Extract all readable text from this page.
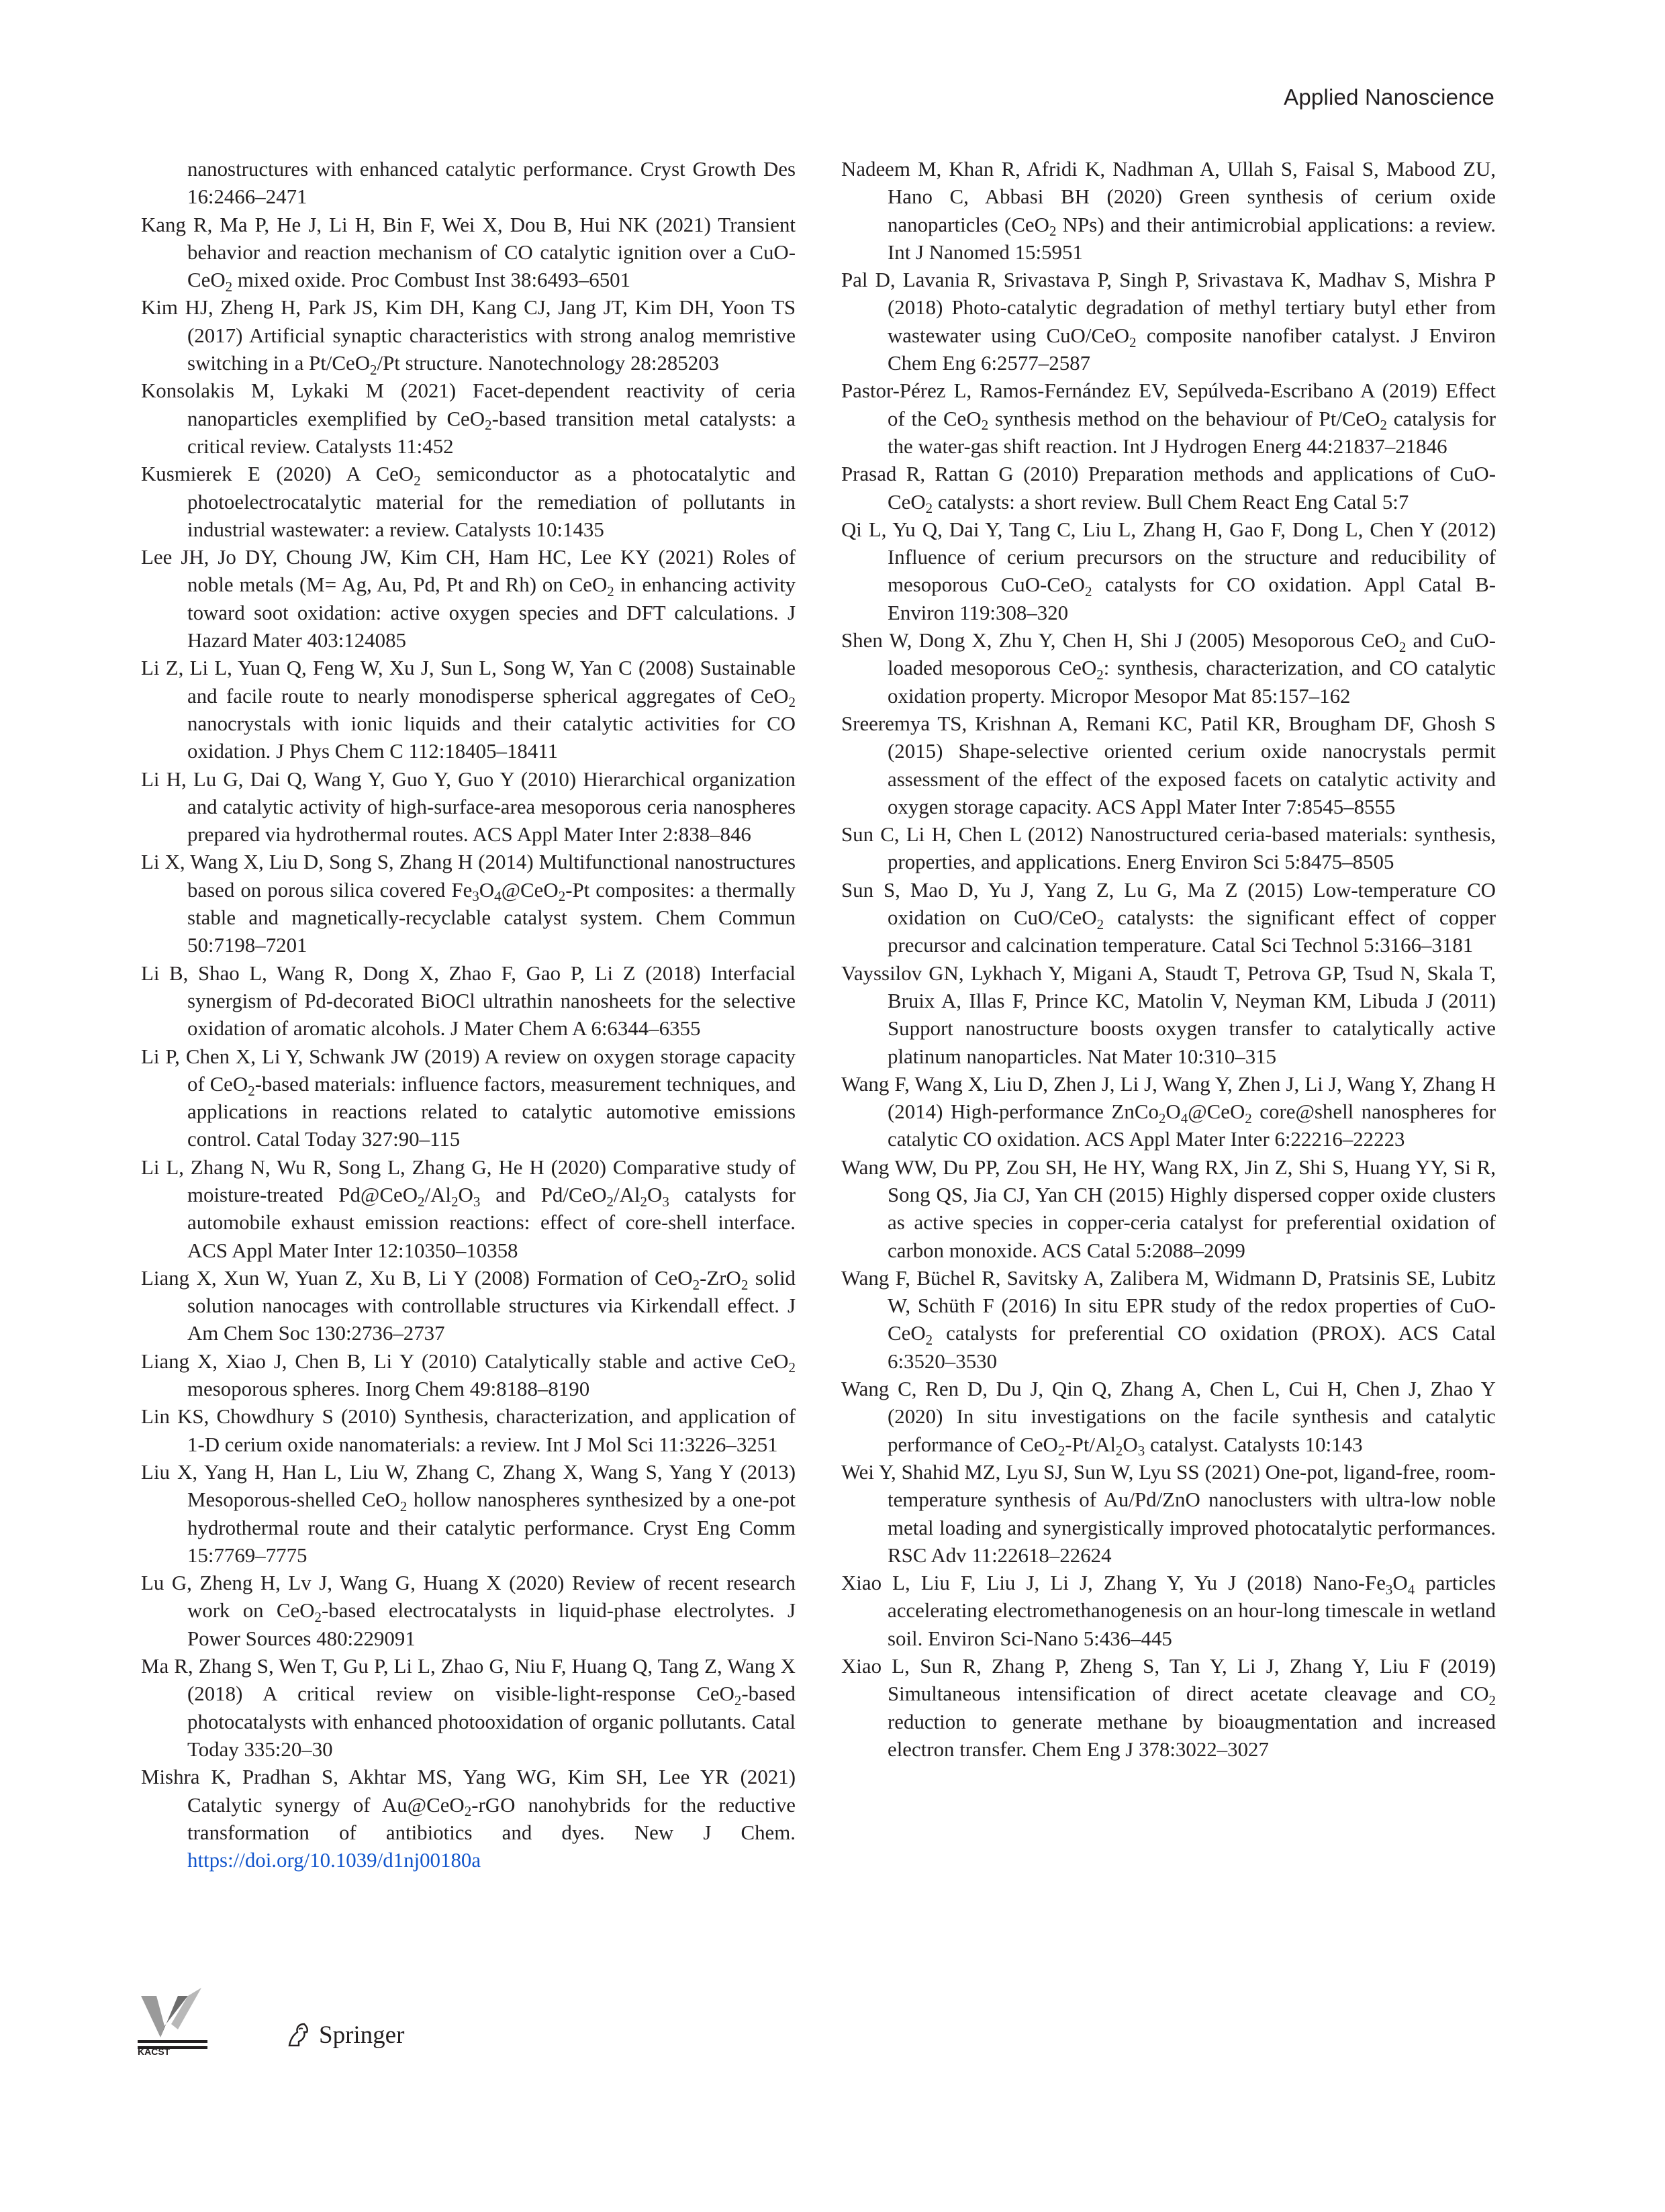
Applied Nanoscience

nanostructures with enhanced catalytic performance. Cryst Growth Des 16:2466–2471

Kang R, Ma P, He J, Li H, Bin F, Wei X, Dou B, Hui NK (2021) Transient behavior and reaction mechanism of CO catalytic ignition over a CuO-CeO$_2$ mixed oxide. Proc Combust Inst 38:6493–6501

Kim HJ, Zheng H, Park JS, Kim DH, Kang CJ, Jang JT, Kim DH, Yoon TS (2017) Artificial synaptic characteristics with strong analog memristive switching in a Pt/CeO$_2$/Pt structure. Nanotechnology 28:285203

Konsolakis M, Lykaki M (2021) Facet-dependent reactivity of ceria nanoparticles exemplified by CeO$_2$-based transition metal catalysts: a critical review. Catalysts 11:452

Kusmierek E (2020) A CeO$_2$ semiconductor as a photocatalytic and photoelectrocatalytic material for the remediation of pollutants in industrial wastewater: a review. Catalysts 10:1435

Lee JH, Jo DY, Choung JW, Kim CH, Ham HC, Lee KY (2021) Roles of noble metals (M= Ag, Au, Pd, Pt and Rh) on CeO$_2$ in enhancing activity toward soot oxidation: active oxygen species and DFT calculations. J Hazard Mater 403:124085

Li Z, Li L, Yuan Q, Feng W, Xu J, Sun L, Song W, Yan C (2008) Sustainable and facile route to nearly monodisperse spherical aggregates of CeO$_2$ nanocrystals with ionic liquids and their catalytic activities for CO oxidation. J Phys Chem C 112:18405–18411

Li H, Lu G, Dai Q, Wang Y, Guo Y, Guo Y (2010) Hierarchical organization and catalytic activity of high-surface-area mesoporous ceria nanospheres prepared via hydrothermal routes. ACS Appl Mater Inter 2:838–846

Li X, Wang X, Liu D, Song S, Zhang H (2014) Multifunctional nanostructures based on porous silica covered $Fe_3O_4@CeO_2-Pt$ composites: a thermally stable and magnetically-recyclable catalyst system. Chem Commun 50:7198–7201

Li B, Shao L, Wang R, Dong X, Zhao F, Gao P, Li Z (2018) Interfacial synergism of Pd-decorated BiOCl ultrathin nanosheets for the selective oxidation of aromatic alcohols. J Mater Chem A 6:6344–6355

Li P, Chen X, Li Y, Schwank JW (2019) A review on oxygen storage capacity of CeO$_2$-based materials: influence factors, measurement techniques, and applications in reactions related to catalytic automotive emissions control. Catal Today 327:90–115

Li L, Zhang N, Wu R, Song L, Zhang G, He H (2020) Comparative study of moisture-treated $Pd@CeO_2/Al_2O_3$ and $Pd/CeO_2/Al_2O_3$ catalysts for automobile exhaust emission reactions: effect of core-shell interface. ACS Appl Mater Inter 12:10350–10358

Liang X, Xun W, Yuan Z, Xu B, Li Y (2008) Formation of CeO$_2$-ZrO$_2$ solid solution nanocages with controllable structures via Kirkendall effect. J Am Chem Soc 130:2736–2737

Liang X, Xiao J, Chen B, Li Y (2010) Catalytically stable and active CeO$_2$ mesoporous spheres. Inorg Chem 49:8188–8190

Lin KS, Chowdhury S (2010) Synthesis, characterization, and application of 1-D cerium oxide nanomaterials: a review. Int J Mol Sci 11:3226–3251

Liu X, Yang H, Han L, Liu W, Zhang C, Zhang X, Wang S, Yang Y (2013) Mesoporous-shelled CeO$_2$ hollow nanospheres synthesized by a one-pot hydrothermal route and their catalytic performance. Cryst Eng Comm 15:7769–7775

Lu G, Zheng H, Lv J, Wang G, Huang X (2020) Review of recent research work on CeO$_2$-based electrocatalysts in liquid-phase electrolytes. J Power Sources 480:229091

Ma R, Zhang S, Wen T, Gu P, Li L, Zhao G, Niu F, Huang Q, Tang Z, Wang X (2018) A critical review on visible-light-response CeO$_2$-based photocatalysts with enhanced photooxidation of organic pollutants. Catal Today 335:20–30

Mishra K, Pradhan S, Akhtar MS, Yang WG, Kim SH, Lee YR (2021) Catalytic synergy of Au@CeO$_2$-rGO nanohybrids for the reductive transformation of antibiotics and dyes. New J Chem. https://doi.org/10.1039/d1nj00180a

Nadeem M, Khan R, Afridi K, Nadhman A, Ullah S, Faisal S, Mabood ZU, Hano C, Abbasi BH (2020) Green synthesis of cerium oxide nanoparticles (CeO$_2$ NPs) and their antimicrobial applications: a review. Int J Nanomed 15:5951

Pal D, Lavania R, Srivastava P, Singh P, Srivastava K, Madhav S, Mishra P (2018) Photo-catalytic degradation of methyl tertiary butyl ether from wastewater using CuO/CeO$_2$ composite nanofiber catalyst. J Environ Chem Eng 6:2577–2587

Pastor-Pérez L, Ramos-Fernández EV, Sepúlveda-Escribano A (2019) Effect of the CeO$_2$ synthesis method on the behaviour of Pt/CeO$_2$ catalysis for the water-gas shift reaction. Int J Hydrogen Energ 44:21837–21846

Prasad R, Rattan G (2010) Preparation methods and applications of CuO-CeO$_2$ catalysts: a short review. Bull Chem React Eng Catal 5:7

Qi L, Yu Q, Dai Y, Tang C, Liu L, Zhang H, Gao F, Dong L, Chen Y (2012) Influence of cerium precursors on the structure and reducibility of mesoporous CuO-CeO$_2$ catalysts for CO oxidation. Appl Catal B-Environ 119:308–320

Shen W, Dong X, Zhu Y, Chen H, Shi J (2005) Mesoporous CeO$_2$ and CuO-loaded mesoporous CeO$_2$: synthesis, characterization, and CO catalytic oxidation property. Micropor Mesopor Mat 85:157–162

Sreeremya TS, Krishnan A, Remani KC, Patil KR, Brougham DF, Ghosh S (2015) Shape-selective oriented cerium oxide nanocrystals permit assessment of the effect of the exposed facets on catalytic activity and oxygen storage capacity. ACS Appl Mater Inter 7:8545–8555

Sun C, Li H, Chen L (2012) Nanostructured ceria-based materials: synthesis, properties, and applications. Energ Environ Sci 5:8475–8505

Sun S, Mao D, Yu J, Yang Z, Lu G, Ma Z (2015) Low-temperature CO oxidation on CuO/CeO$_2$ catalysts: the significant effect of copper precursor and calcination temperature. Catal Sci Technol 5:3166–3181

Vayssilov GN, Lykhach Y, Migani A, Staudt T, Petrova GP, Tsud N, Skala T, Bruix A, Illas F, Prince KC, Matolin V, Neyman KM, Libuda J (2011) Support nanostructure boosts oxygen transfer to catalytically active platinum nanoparticles. Nat Mater 10:310–315

Wang F, Wang X, Liu D, Zhen J, Li J, Wang Y, Zhen J, Li J, Wang Y, Zhang H (2014) High-performance $ZnCo_2O_4@CeO_2$ core@shell nanospheres for catalytic CO oxidation. ACS Appl Mater Inter 6:22216–22223

Wang WW, Du PP, Zou SH, He HY, Wang RX, Jin Z, Shi S, Huang YY, Si R, Song QS, Jia CJ, Yan CH (2015) Highly dispersed copper oxide clusters as active species in copper-ceria catalyst for preferential oxidation of carbon monoxide. ACS Catal 5:2088–2099

Wang F, Büchel R, Savitsky A, Zalibera M, Widmann D, Pratsinis SE, Lubitz W, Schüth F (2016) In situ EPR study of the redox properties of CuO-CeO$_2$ catalysts for preferential CO oxidation (PROX). ACS Catal 6:3520–3530

Wang C, Ren D, Du J, Qin Q, Zhang A, Chen L, Cui H, Chen J, Zhao Y (2020) In situ investigations on the facile synthesis and catalytic performance of $CeO_2-Pt/Al_2O_3$ catalyst. Catalysts 10:143

Wei Y, Shahid MZ, Lyu SJ, Sun W, Lyu SS (2021) One-pot, ligand-free, room-temperature synthesis of Au/Pd/ZnO nanoclusters with ultra-low noble metal loading and synergistically improved photocatalytic performances. RSC Adv 11:22618–22624

Xiao L, Liu F, Liu J, Li J, Zhang Y, Yu J (2018) Nano-$Fe_3O_4$ particles accelerating electromethanogenesis on an hour-long timescale in wetland soil. Environ Sci-Nano 5:436–445

Xiao L, Sun R, Zhang P, Zheng S, Tan Y, Li J, Zhang Y, Liu F (2019) Simultaneous intensification of direct acetate cleavage and $CO_2$ reduction to generate methane by bioaugmentation and increased electron transfer. Chem Eng J 378:3022–3027

KACST
Springer
